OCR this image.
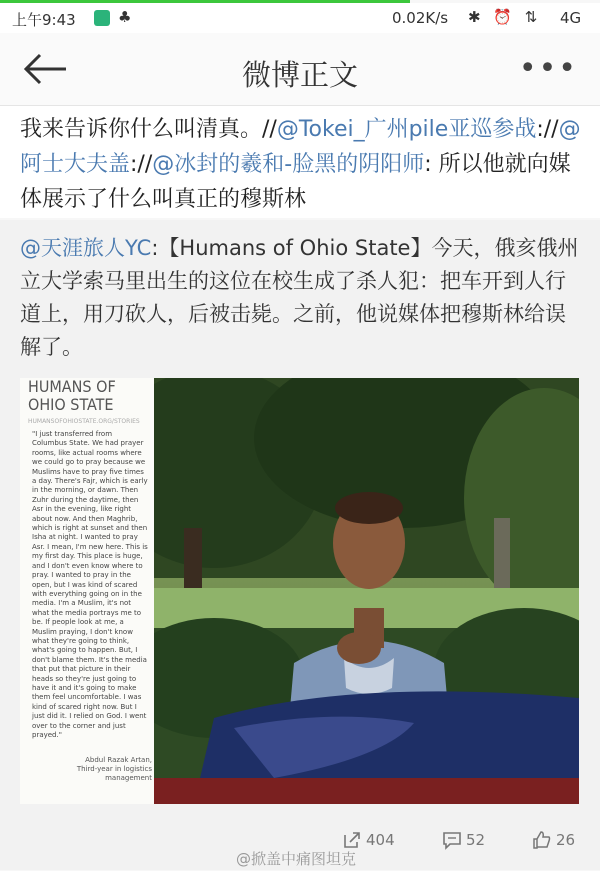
上午9:43	♣	0.02K/s ✱ ⏰ ⇅ 4G
微博正文	•••
我来告诉你什么叫清真。//@Tokei_广州pile亚巡参战://@阿士大夫盖://@冰封的羲和-脸黑的阴阳师: 所以他就向媒体展示了什么叫真正的穆斯林
@天涯旅人YC:【Humans of Ohio State】今天，俄亥俄州立大学索马里出生的这位在校生成了杀人犯：把车开到人行道上，用刀砍人，后被击毙。之前，他说媒体把穆斯林给误解了。
HUMANS OF
OHIO STATE
HUMANSOFOHIOSTATE.ORG/STORIES
"I just transferred from Columbus State. We had prayer rooms, like actual rooms where we could go to pray because we Muslims have to pray five times a day. There's Fajr, which is early in the morning, or dawn. Then Zuhr during the daytime, then Asr in the evening, like right about now. And then Maghrib, which is right at sunset and then Isha at night. I wanted to pray Asr. I mean, I'm new here. This is my first day. This place is huge, and I don't even know where to pray. I wanted to pray in the open, but I was kind of scared with everything going on in the media. I'm a Muslim, it's not what the media portrays me to be. If people look at me, a Muslim praying, I don't know what they're going to think, what's going to happen. But, I don't blame them. It's the media that put that picture in their heads so they're just going to have it and it's going to make them feel uncomfortable. I was kind of scared right now. But I just did it. I relied on God. I went over to the corner and just prayed."
Abdul Razak Artan, Third-year in logistics management
404	52	26
@掀盖中痛图坦克
